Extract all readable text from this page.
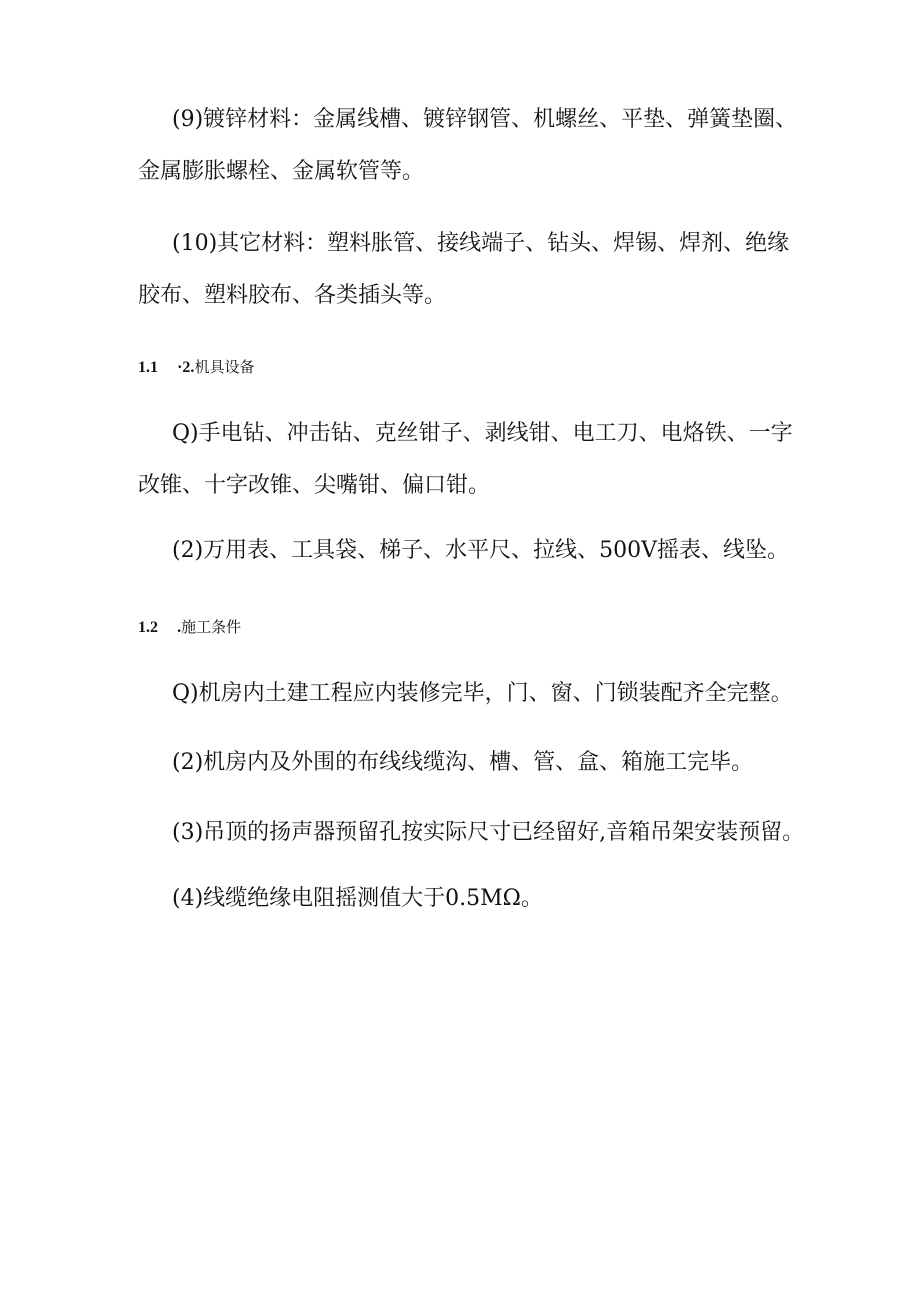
(9)镀锌材料：金属线槽、镀锌钢管、机螺丝、平垫、弹簧垫圈、
金属膨胀螺栓、金属软管等。

(10)其它材料：塑料胀管、接线端子、钻头、焊锡、焊剂、绝缘
胶布、塑料胶布、各类插头等。

1.1 ·2.机具设备

Q)手电钻、冲击钻、克丝钳子、剥线钳、电工刀、电烙铁、一字
改锥、十字改锥、尖嘴钳、偏口钳。

(2)万用表、工具袋、梯子、水平尺、拉线、500V摇表、线坠。

1.2 .施工条件

Q)机房内土建工程应内装修完毕，门、窗、门锁装配齐全完整。

(2)机房内及外围的布线线缆沟、槽、管、盒、箱施工完毕。

(3)吊顶的扬声器预留孔按实际尺寸已经留好,音箱吊架安装预留。

(4)线缆绝缘电阻摇测值大于0.5MΩ。
